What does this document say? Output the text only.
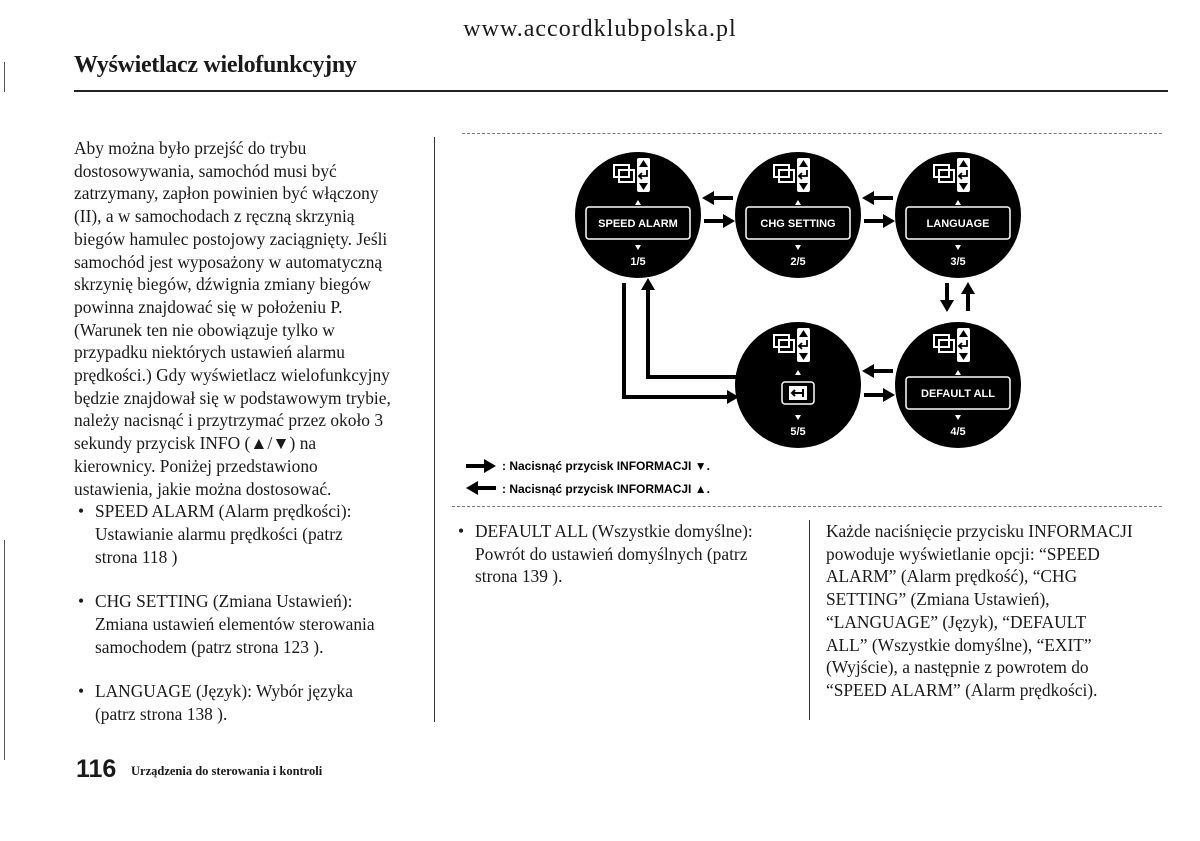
www.accordklubpolska.pl
Wyświetlacz wielofunkcyjny
Aby można było przejść do trybu
dostosowywania, samochód musi być
zatrzymany, zapłon powinien być włączony
(II), a w samochodach z ręczną skrzynią
biegów hamulec postojowy zaciągnięty. Jeśli
samochód jest wyposażony w automatyczną
skrzynię biegów, dźwignia zmiany biegów
powinna znajdować się w położeniu P.
(Warunek ten nie obowiązuje tylko w
przypadku niektórych ustawień alarmu
prędkości.) Gdy wyświetlacz wielofunkcyjny
będzie znajdował się w podstawowym trybie,
należy nacisnąć i przytrzymać przez około 3
sekundy przycisk INFO (▲/▼) na
kierownicy. Poniżej przedstawiono
ustawienia, jakie można dostosować.
• SPEED ALARM (Alarm prędkości):
Ustawianie alarmu prędkości (patrz
strona 118 )
• CHG SETTING (Zmiana Ustawień):
Zmiana ustawień elementów sterowania
samochodem (patrz strona 123 ).
• LANGUAGE (Język): Wybór języka
(patrz strona 138 ).
SPEED ALARM
1/5
CHG SETTING
2/5
LANGUAGE
3/5
DEFAULT ALL
4/5
5/5
: Nacisnąć przycisk INFORMACJI ▼.
: Nacisnąć przycisk INFORMACJI ▲.
• DEFAULT ALL (Wszystkie domyślne):
Powrót do ustawień domyślnych (patrz
strona 139 ).
Każde naciśnięcie przycisku INFORMACJI
powoduje wyświetlanie opcji: “SPEED
ALARM” (Alarm prędkość), “CHG
SETTING” (Zmiana Ustawień),
“LANGUAGE” (Język), “DEFAULT
ALL” (Wszystkie domyślne), “EXIT”
(Wyjście), a następnie z powrotem do
“SPEED ALARM” (Alarm prędkości).
116 Urządzenia do sterowania i kontroli
